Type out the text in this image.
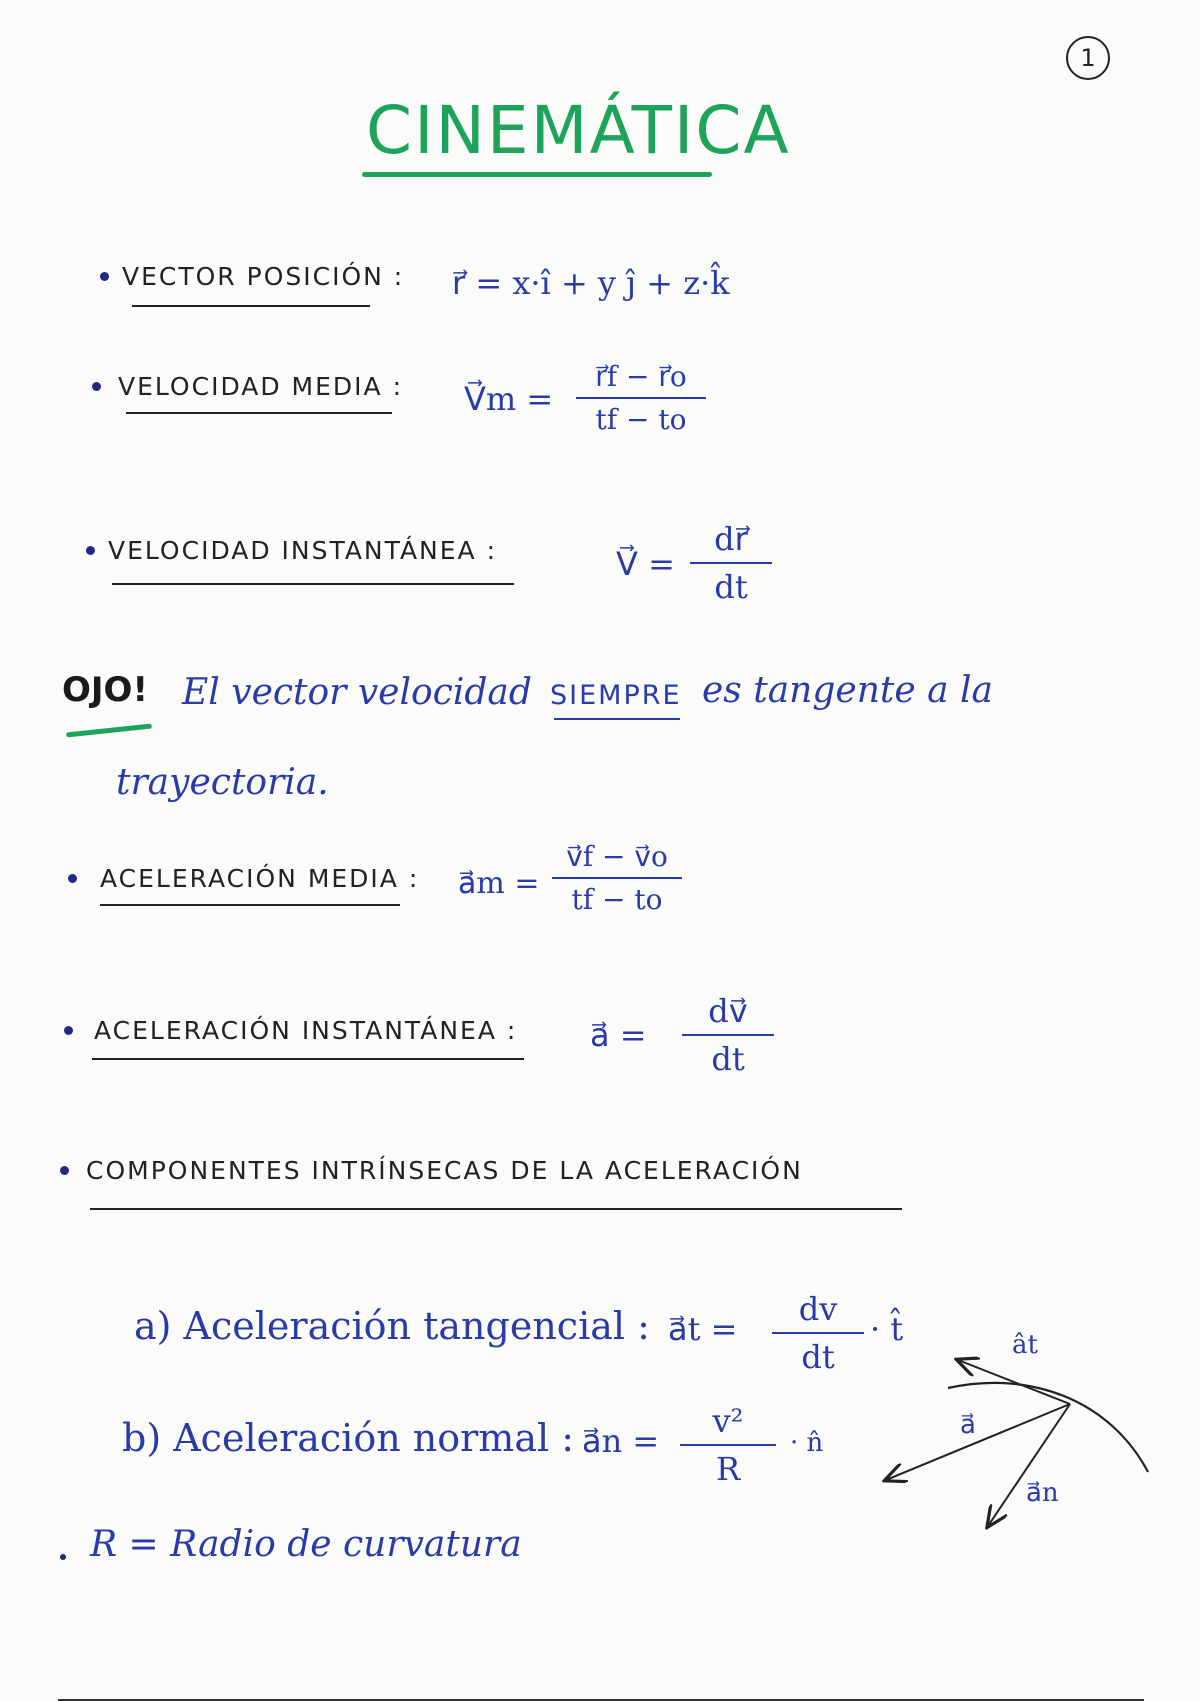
1
CINEMÁTICA
VECTOR POSICIÓN : r⃗ = x·î + y ĵ + z·k̂
VELOCIDAD MEDIA : V⃗m =
r⃗f − r⃗o
tf − to
VELOCIDAD INSTANTÁNEA :	V⃗ =
dr⃗
dt
OJO! El vector velocidad SIEMPRE es tangente a la
trayectoria.
ACELERACIÓN MEDIA : a⃗m =
v⃗f − v⃗o
tf − to
ACELERACIÓN INSTANTÁNEA : a⃗ =
dv⃗
dt
COMPONENTES INTRÍNSECAS DE LA ACELERACIÓN
a) Aceleración tangencial : a⃗t =
dv
dt
· t̂
b) Aceleración normal : a⃗n =
v²
R
· n̂
R = Radio de curvatura
ât
a⃗
a⃗n
